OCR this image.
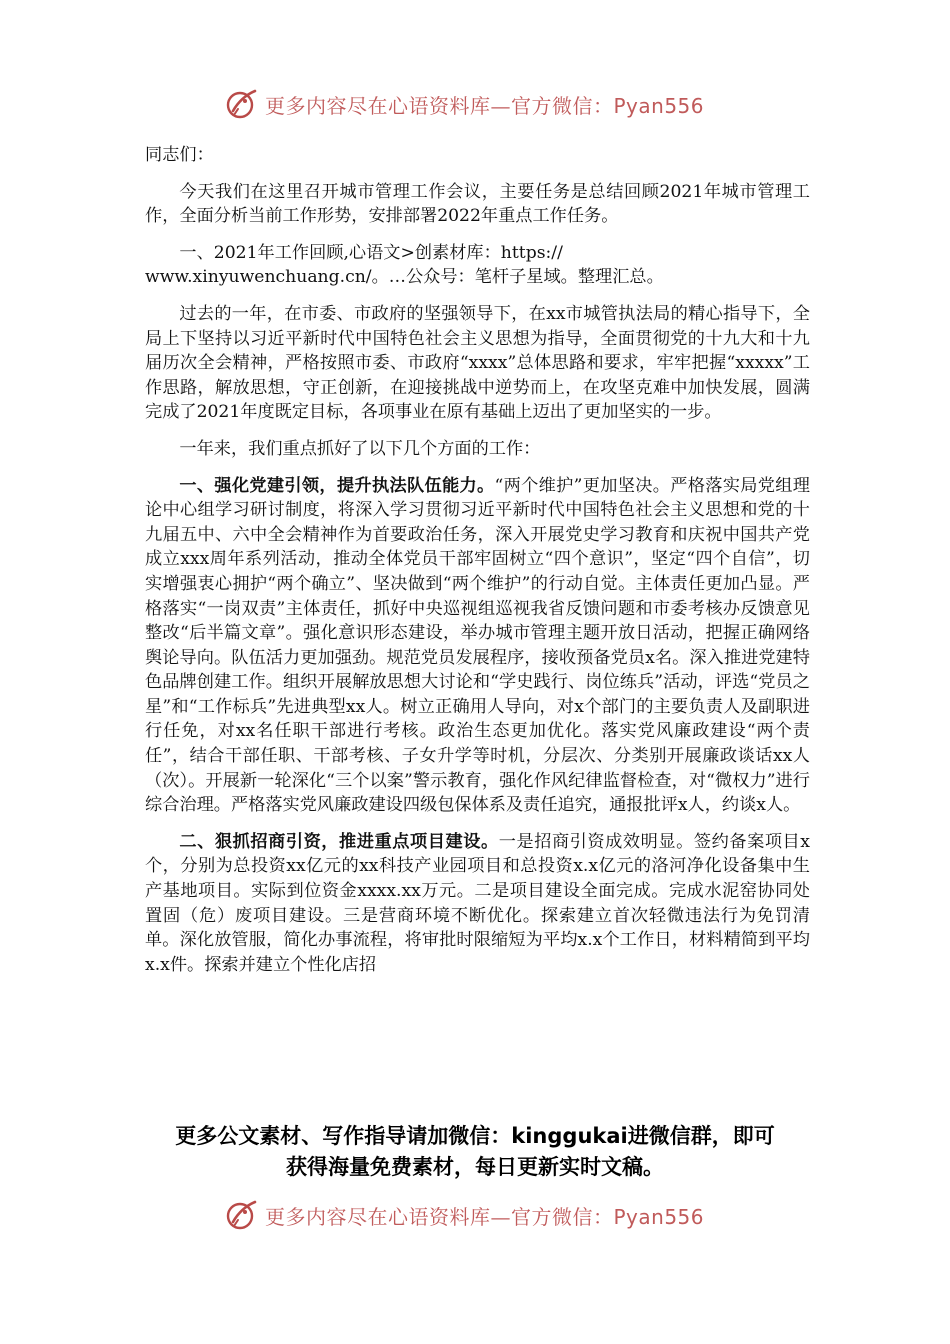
更多内容尽在心语资料库—官方微信：Pyan556

同志们：

今天我们在这里召开城市管理工作会议，主要任务是总结回顾2021年城市管理工作，全面分析当前工作形势，安排部署2022年重点工作任务。

一、2021年工作回顾,心语文>创素材库：https://

www.xinyuwenchuang.cn/。…公众号：笔杆子星域。整理汇总。

过去的一年，在市委、市政府的坚强领导下，在xx市城管执法局的精心指导下，全局上下坚持以习近平新时代中国特色社会主义思想为指导，全面贯彻党的十九大和十九届历次全会精神，严格按照市委、市政府“xxxx”总体思路和要求，牢牢把握“xxxxx”工作思路，解放思想，守正创新，在迎接挑战中逆势而上，在攻坚克难中加快发展，圆满完成了2021年度既定目标，各项事业在原有基础上迈出了更加坚实的一步。

一年来，我们重点抓好了以下几个方面的工作：

一、强化党建引领，提升执法队伍能力。“两个维护”更加坚决。严格落实局党组理论中心组学习研讨制度，将深入学习贯彻习近平新时代中国特色社会主义思想和党的十九届五中、六中全会精神作为首要政治任务，深入开展党史学习教育和庆祝中国共产党成立xxx周年系列活动，推动全体党员干部牢固树立“四个意识”，坚定“四个自信”，切实增强衷心拥护“两个确立”、坚决做到“两个维护”的行动自觉。主体责任更加凸显。严格落实“一岗双责”主体责任，抓好中央巡视组巡视我省反馈问题和市委考核办反馈意见整改“后半篇文章”。强化意识形态建设，举办城市管理主题开放日活动，把握正确网络舆论导向。队伍活力更加强劲。规范党员发展程序，接收预备党员x名。深入推进党建特色品牌创建工作。组织开展解放思想大讨论和“学史践行、岗位练兵”活动，评选“党员之星”和“工作标兵”先进典型xx人。树立正确用人导向，对x个部门的主要负责人及副职进行任免，对xx名任职干部进行考核。政治生态更加优化。落实党风廉政建设“两个责任”，结合干部任职、干部考核、子女升学等时机，分层次、分类别开展廉政谈话xx人（次）。开展新一轮深化“三个以案”警示教育，强化作风纪律监督检查，对“微权力”进行综合治理。严格落实党风廉政建设四级包保体系及责任追究，通报批评x人，约谈x人。

二、狠抓招商引资，推进重点项目建设。一是招商引资成效明显。签约备案项目x个，分别为总投资xx亿元的xx科技产业园项目和总投资x.x亿元的洛河净化设备集中生产基地项目。实际到位资金xxxx.xx万元。二是项目建设全面完成。完成水泥窑协同处置固（危）废项目建设。三是营商环境不断优化。探索建立首次轻微违法行为免罚清单。深化放管服，简化办事流程，将审批时限缩短为平均x.x个工作日，材料精简到平均x.x件。探索并建立个性化店招

更多公文素材、写作指导请加微信：kinggukai进微信群，即可
获得海量免费素材，每日更新实时文稿。
更多内容尽在心语资料库—官方微信：Pyan556
